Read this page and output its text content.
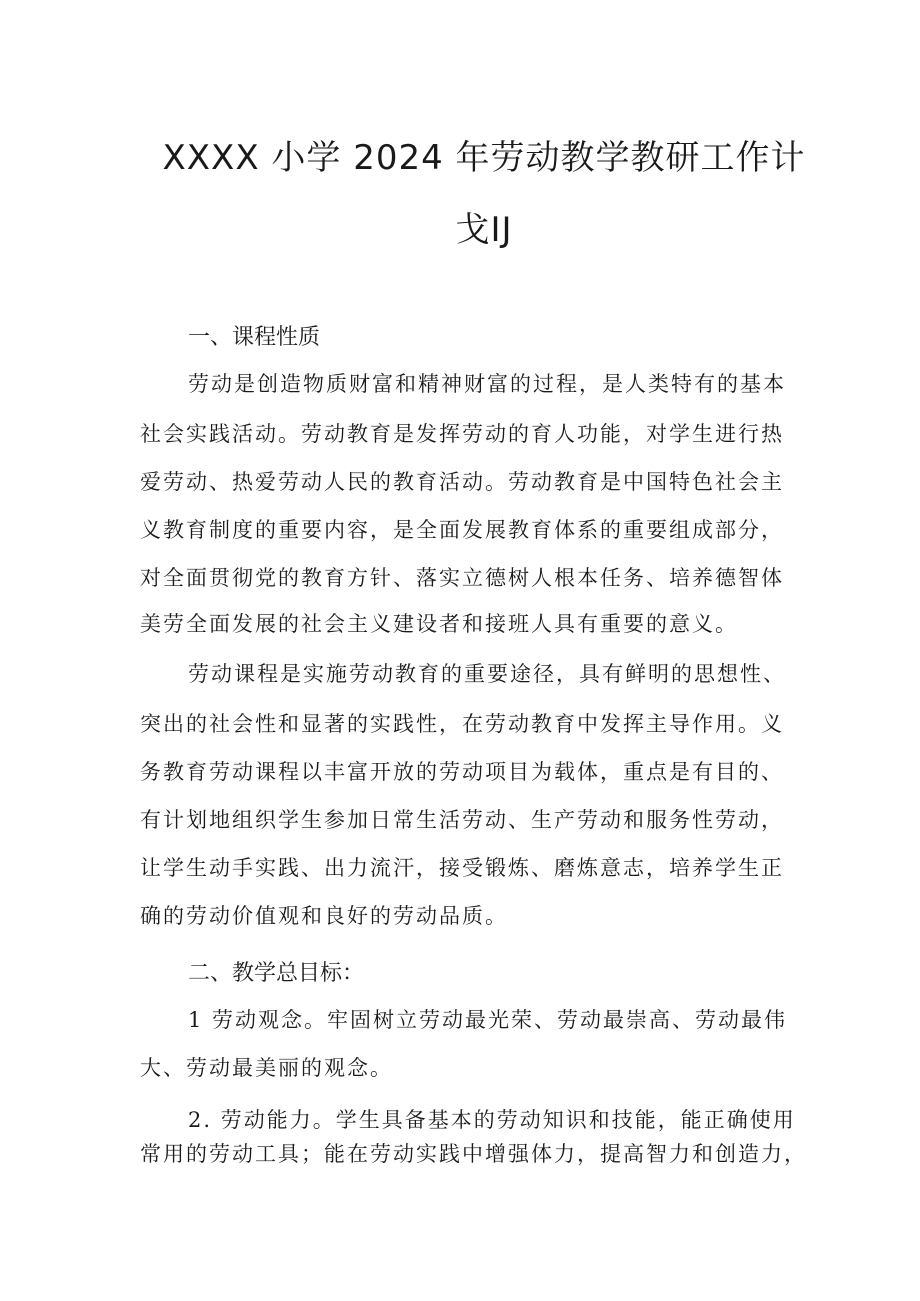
XXXX 小学 2024 年劳动教学教研工作计
戈IJ
一、课程性质
劳动是创造物质财富和精神财富的过程，是人类特有的基本
社会实践活动。劳动教育是发挥劳动的育人功能，对学生进行热
爱劳动、热爱劳动人民的教育活动。劳动教育是中国特色社会主
义教育制度的重要内容，是全面发展教育体系的重要组成部分，
对全面贯彻党的教育方针、落实立德树人根本任务、培养德智体
美劳全面发展的社会主义建设者和接班人具有重要的意义。
劳动课程是实施劳动教育的重要途径，具有鲜明的思想性、
突出的社会性和显著的实践性，在劳动教育中发挥主导作用。义
务教育劳动课程以丰富开放的劳动项目为载体，重点是有目的、
有计划地组织学生参加日常生活劳动、生产劳动和服务性劳动，
让学生动手实践、出力流汗，接受锻炼、磨炼意志，培养学生正
确的劳动价值观和良好的劳动品质。
二、教学总目标：
1 劳动观念。牢固树立劳动最光荣、劳动最崇高、劳动最伟
大、劳动最美丽的观念。
2. 劳动能力。学生具备基本的劳动知识和技能，能正确使用
常用的劳动工具；能在劳动实践中增强体力，提高智力和创造力，
